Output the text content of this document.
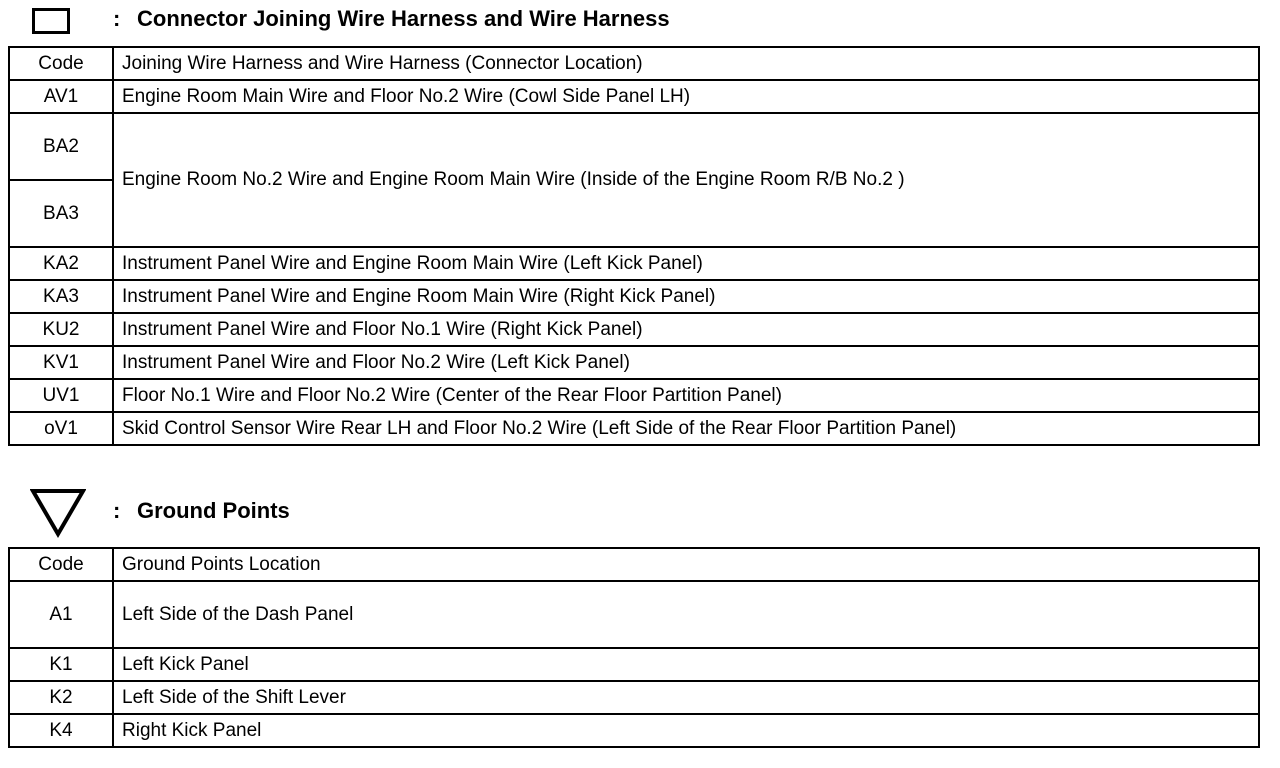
: Connector Joining Wire Harness and Wire Harness
Code	Joining Wire Harness and Wire Harness (Connector Location)
AV1	Engine Room Main Wire and Floor No.2 Wire (Cowl Side Panel LH)
BA2	Engine Room No.2 Wire and Engine Room Main Wire (Inside of the Engine Room R/B No.2 )
BA3	
KA2	Instrument Panel Wire and Engine Room Main Wire (Left Kick Panel)
KA3	Instrument Panel Wire and Engine Room Main Wire (Right Kick Panel)
KU2	Instrument Panel Wire and Floor No.1 Wire (Right Kick Panel)
KV1	Instrument Panel Wire and Floor No.2 Wire (Left Kick Panel)
UV1	Floor No.1 Wire and Floor No.2 Wire (Center of the Rear Floor Partition Panel)
oV1	Skid Control Sensor Wire Rear LH and Floor No.2 Wire (Left Side of the Rear Floor Partition Panel)
: Ground Points
Code	Ground Points Location
A1	Left Side of the Dash Panel
K1	Left Kick Panel
K2	Left Side of the Shift Lever
K4	Right Kick Panel
